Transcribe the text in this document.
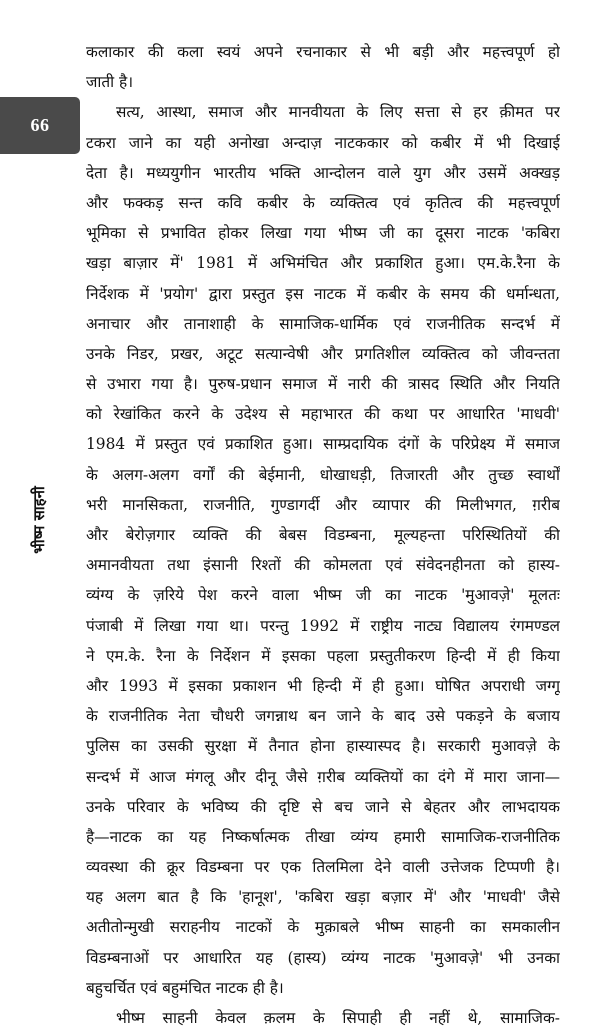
66
भीष्म साहनी
कलाकार की कला स्वयं अपने रचनाकार से भी बड़ी और महत्त्वपूर्ण हो
जाती है।
सत्य, आस्था, समाज और मानवीयता के लिए सत्ता से हर क़ीमत पर
टकरा जाने का यही अनोखा अन्दाज़ नाटककार को कबीर में भी दिखाई
देता है। मध्ययुगीन भारतीय भक्ति आन्दोलन वाले युग और उसमें अक्खड़
और फक्कड़ सन्त कवि कबीर के व्यक्तित्व एवं कृतित्व की महत्त्वपूर्ण
भूमिका से प्रभावित होकर लिखा गया भीष्म जी का दूसरा नाटक 'कबिरा
खड़ा बाज़ार में' 1981 में अभिमंचित और प्रकाशित हुआ। एम.के.रैना के
निर्देशक में 'प्रयोग' द्वारा प्रस्तुत इस नाटक में कबीर के समय की धर्मान्धता,
अनाचार और तानाशाही के सामाजिक-धार्मिक एवं राजनीतिक सन्दर्भ में
उनके निडर, प्रखर, अटूट सत्यान्वेषी और प्रगतिशील व्यक्तित्व को जीवन्तता
से उभारा गया है। पुरुष-प्रधान समाज में नारी की त्रासद स्थिति और नियति
को रेखांकित करने के उदेश्य से महाभारत की कथा पर आधारित 'माधवी'
1984 में प्रस्तुत एवं प्रकाशित हुआ। साम्प्रदायिक दंगों के परिप्रेक्ष्य में समाज
के अलग-अलग वर्गों की बेईमानी, धोखाधड़ी, तिजारती और तुच्छ स्वार्थों
भरी मानसिकता, राजनीति, गुण्डागर्दी और व्यापार की मिलीभगत, ग़रीब
और बेरोज़गार व्यक्ति की बेबस विडम्बना, मूल्यहन्ता परिस्थितियों की
अमानवीयता तथा इंसानी रिश्तों की कोमलता एवं संवेदनहीनता को हास्य-
व्यंग्य के ज़रिये पेश करने वाला भीष्म जी का नाटक 'मुआवज़े' मूलतः
पंजाबी में लिखा गया था। परन्तु 1992 में राष्ट्रीय नाट्य विद्यालय रंगमण्डल
ने एम.के. रैना के निर्देशन में इसका पहला प्रस्तुतीकरण हिन्दी में ही किया
और 1993 में इसका प्रकाशन भी हिन्दी में ही हुआ। घोषित अपराधी जग्गू
के राजनीतिक नेता चौधरी जगन्नाथ बन जाने के बाद उसे पकड़ने के बजाय
पुलिस का उसकी सुरक्षा में तैनात होना हास्यास्पद है। सरकारी मुआवज़े के
सन्दर्भ में आज मंगलू और दीनू जैसे ग़रीब व्यक्तियों का दंगे में मारा जाना—
उनके परिवार के भविष्य की दृष्टि से बच जाने से बेहतर और लाभदायक
है—नाटक का यह निष्कर्षात्मक तीखा व्यंग्य हमारी सामाजिक-राजनीतिक
व्यवस्था की क्रूर विडम्बना पर एक तिलमिला देने वाली उत्तेजक टिप्पणी है।
यह अलग बात है कि 'हानूश', 'कबिरा खड़ा बज़ार में' और 'माधवी' जैसे
अतीतोन्मुखी सराहनीय नाटकों के मुक़ाबले भीष्म साहनी का समकालीन
विडम्बनाओं पर आधारित यह (हास्य) व्यंग्य नाटक 'मुआवज़े' भी उनका
बहुचर्चित एवं बहुमंचित नाटक ही है।
भीष्म साहनी केवल क़लम के सिपाही ही नहीं थे, सामाजिक-
